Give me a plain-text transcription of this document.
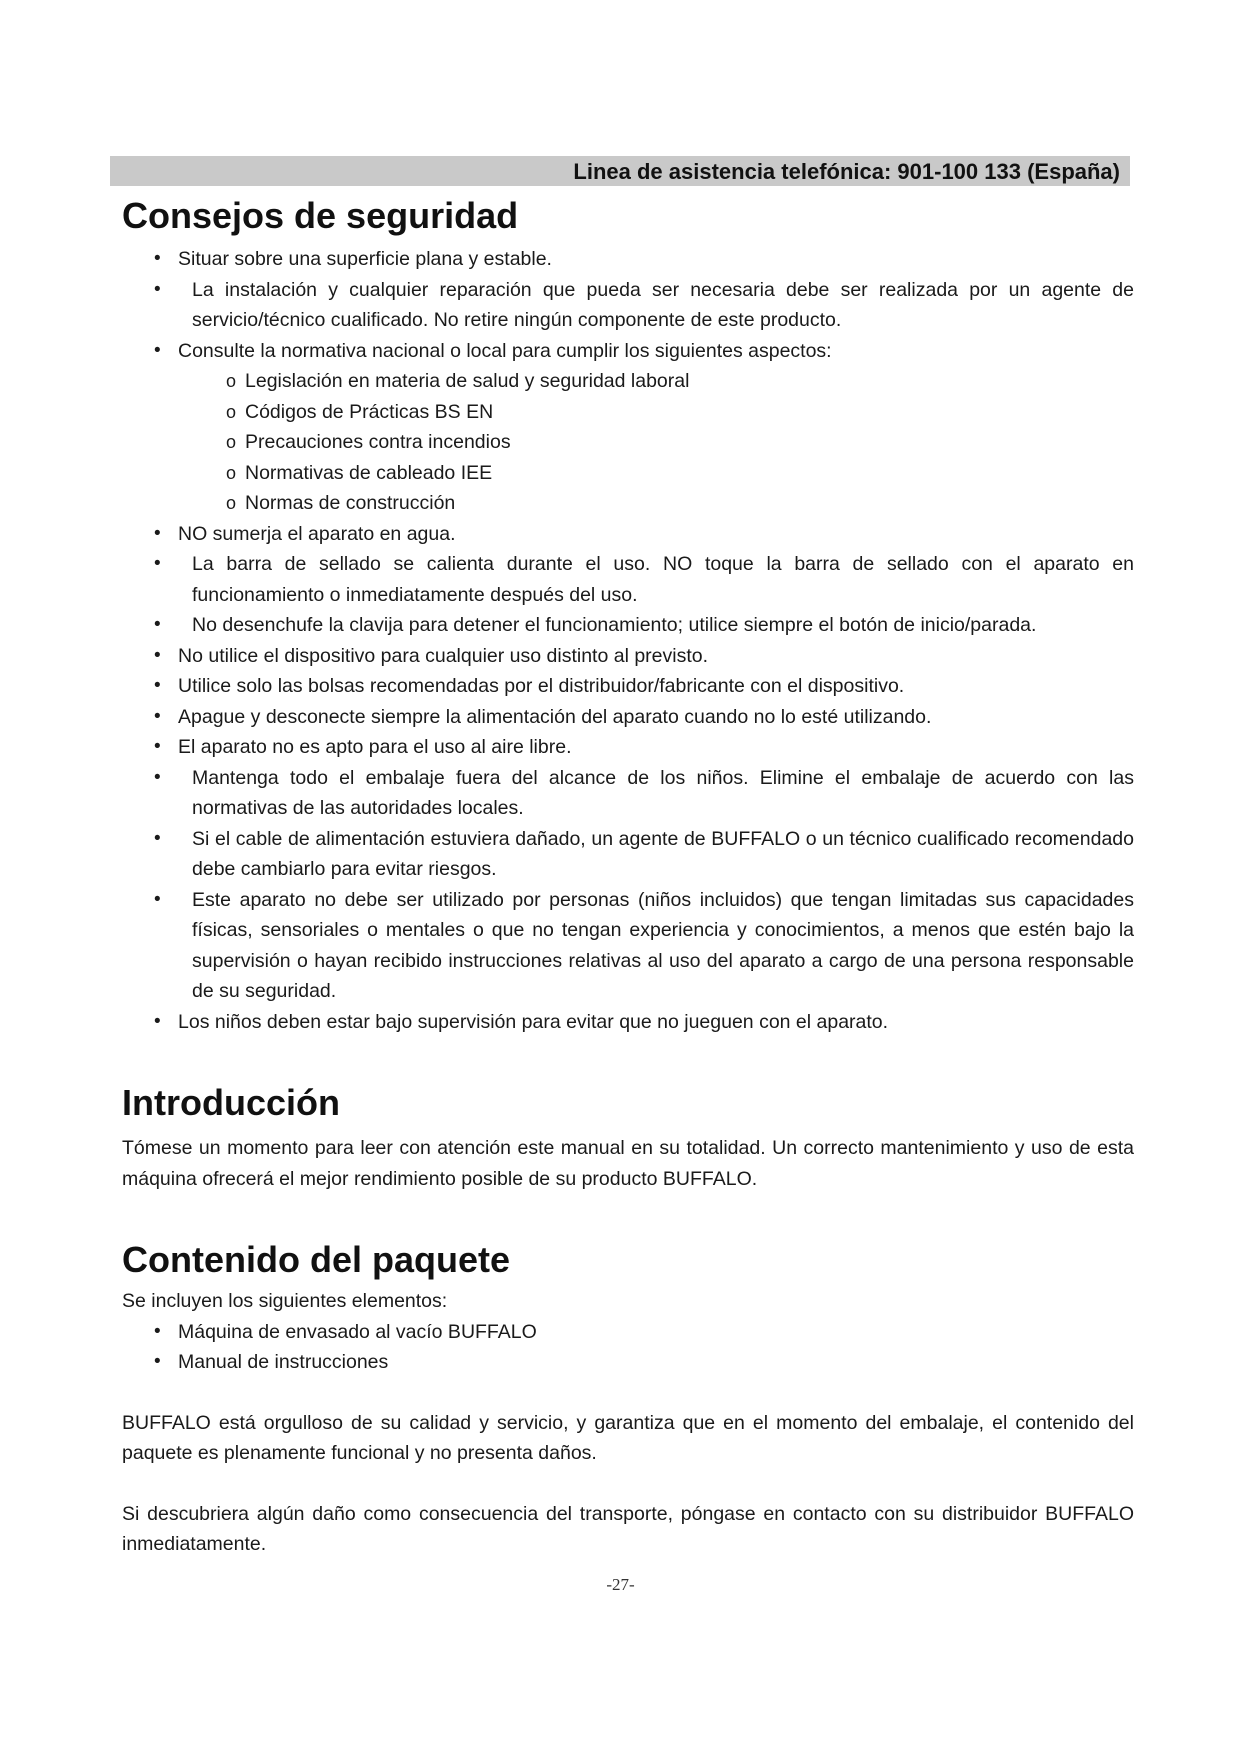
Linea de asistencia telefónica: 901-100 133 (España)
Consejos de seguridad
• Situar sobre una superficie plana y estable.
• La instalación y cualquier reparación que pueda ser necesaria debe ser realizada por un agente de servicio/técnico cualificado. No retire ningún componente de este producto.
• Consulte la normativa nacional o local para cumplir los siguientes aspectos:
o Legislación en materia de salud y seguridad laboral
o Códigos de Prácticas BS EN
o Precauciones contra incendios
o Normativas de cableado IEE
o Normas de construcción
• NO sumerja el aparato en agua.
• La barra de sellado se calienta durante el uso. NO toque la barra de sellado con el aparato en funcionamiento o inmediatamente después del uso.
• No desenchufe la clavija para detener el funcionamiento; utilice siempre el botón de inicio/parada.
• No utilice el dispositivo para cualquier uso distinto al previsto.
• Utilice solo las bolsas recomendadas por el distribuidor/fabricante con el dispositivo.
• Apague y desconecte siempre la alimentación del aparato cuando no lo esté utilizando.
• El aparato no es apto para el uso al aire libre.
• Mantenga todo el embalaje fuera del alcance de los niños. Elimine el embalaje de acuerdo con las normativas de las autoridades locales.
• Si el cable de alimentación estuviera dañado, un agente de BUFFALO o un técnico cualificado recomendado debe cambiarlo para evitar riesgos.
• Este aparato no debe ser utilizado por personas (niños incluidos) que tengan limitadas sus capacidades físicas, sensoriales o mentales o que no tengan experiencia y conocimientos, a menos que estén bajo la supervisión o hayan recibido instrucciones relativas al uso del aparato a cargo de una persona responsable de su seguridad.
• Los niños deben estar bajo supervisión para evitar que no jueguen con el aparato.
Introducción

Tómese un momento para leer con atención este manual en su totalidad. Un correcto mantenimiento y uso de esta máquina ofrecerá el mejor rendimiento posible de su producto BUFFALO.

Contenido del paquete

Se incluyen los siguientes elementos:

• Máquina de envasado al vacío BUFFALO
• Manual de instrucciones

BUFFALO está orgulloso de su calidad y servicio, y garantiza que en el momento del embalaje, el contenido del paquete es plenamente funcional y no presenta daños.

Si descubriera algún daño como consecuencia del transporte, póngase en contacto con su distribuidor BUFFALO inmediatamente.

-27-
